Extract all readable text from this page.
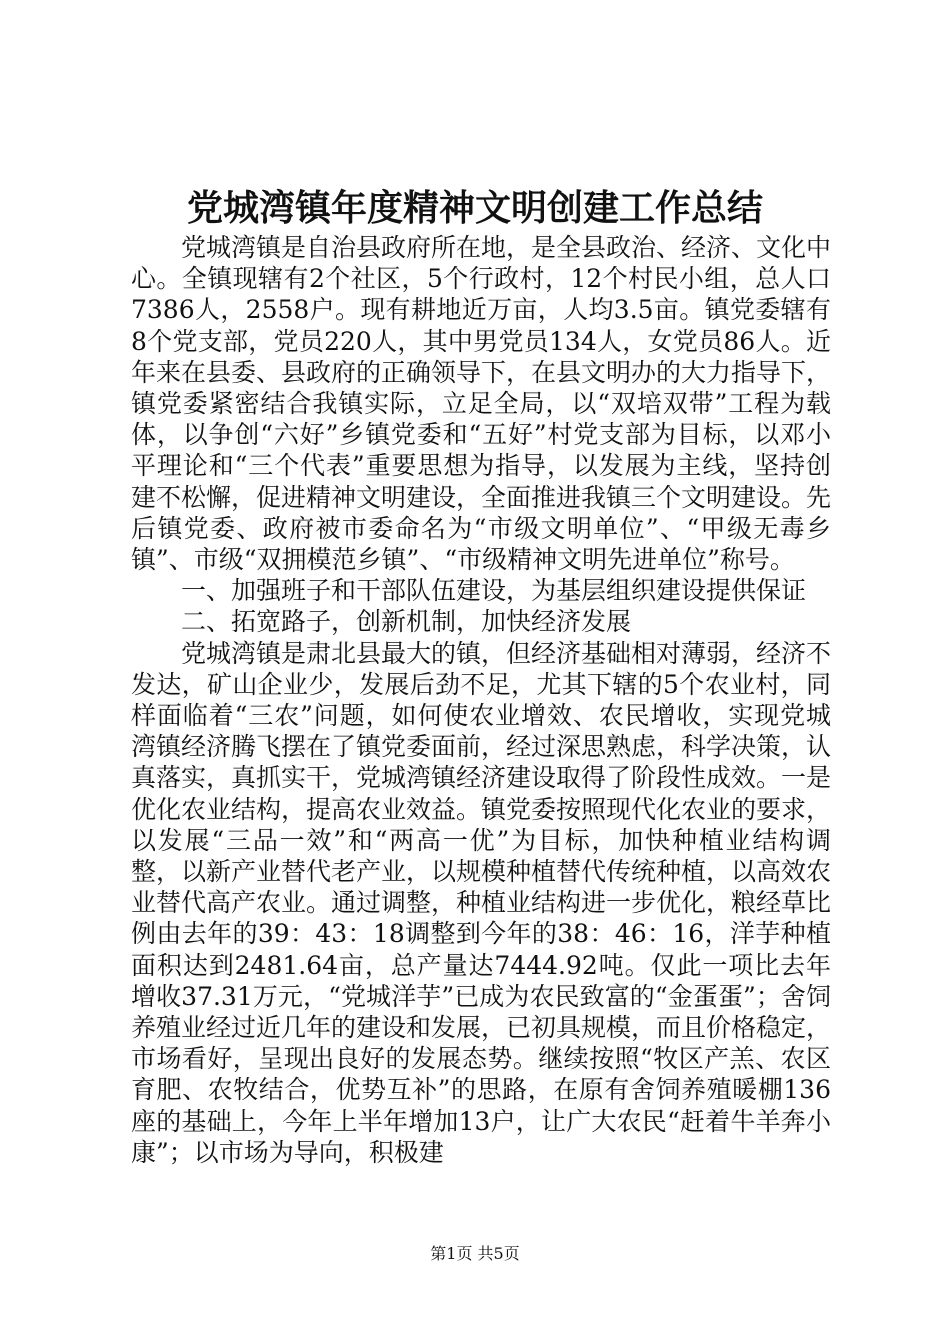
党城湾镇年度精神文明创建工作总结

党城湾镇是自治县政府所在地，是全县政治、经济、文化中心。全镇现辖有2个社区，5个行政村，12个村民小组，总人口7386人，2558户。现有耕地近万亩，人均3.5亩。镇党委辖有8个党支部，党员220人，其中男党员134人，女党员86人。近年来在县委、县政府的正确领导下，在县文明办的大力指导下，镇党委紧密结合我镇实际，立足全局，以“双培双带”工程为载体，以争创“六好”乡镇党委和“五好”村党支部为目标，以邓小平理论和“三个代表”重要思想为指导，以发展为主线，坚持创建不松懈，促进精神文明建设，全面推进我镇三个文明建设。先后镇党委、政府被市委命名为“市级文明单位”、“甲级无毒乡镇”、市级“双拥模范乡镇”、“市级精神文明先进单位”称号。

一、加强班子和干部队伍建设，为基层组织建设提供保证

二、拓宽路子，创新机制，加快经济发展

党城湾镇是肃北县最大的镇，但经济基础相对薄弱，经济不发达，矿山企业少，发展后劲不足，尤其下辖的5个农业村，同样面临着“三农”问题，如何使农业增效、农民增收，实现党城湾镇经济腾飞摆在了镇党委面前，经过深思熟虑，科学决策，认真落实，真抓实干，党城湾镇经济建设取得了阶段性成效。一是优化农业结构，提高农业效益。镇党委按照现代化农业的要求，以发展“三品一效”和“两高一优”为目标，加快种植业结构调整，以新产业替代老产业，以规模种植替代传统种植，以高效农业替代高产农业。通过调整，种植业结构进一步优化，粮经草比例由去年的39：43：18调整到今年的38：46：16，洋芋种植面积达到2481.64亩，总产量达7444.92吨。仅此一项比去年增收37.31万元，“党城洋芋”已成为农民致富的“金蛋蛋”；舍饲养殖业经过近几年的建设和发展，已初具规模，而且价格稳定，市场看好，呈现出良好的发展态势。继续按照“牧区产羔、农区育肥、农牧结合，优势互补”的思路，在原有舍饲养殖暖棚136座的基础上，今年上半年增加13户，让广大农民“赶着牛羊奔小康”；以市场为导向，积极建

第1页 共5页
